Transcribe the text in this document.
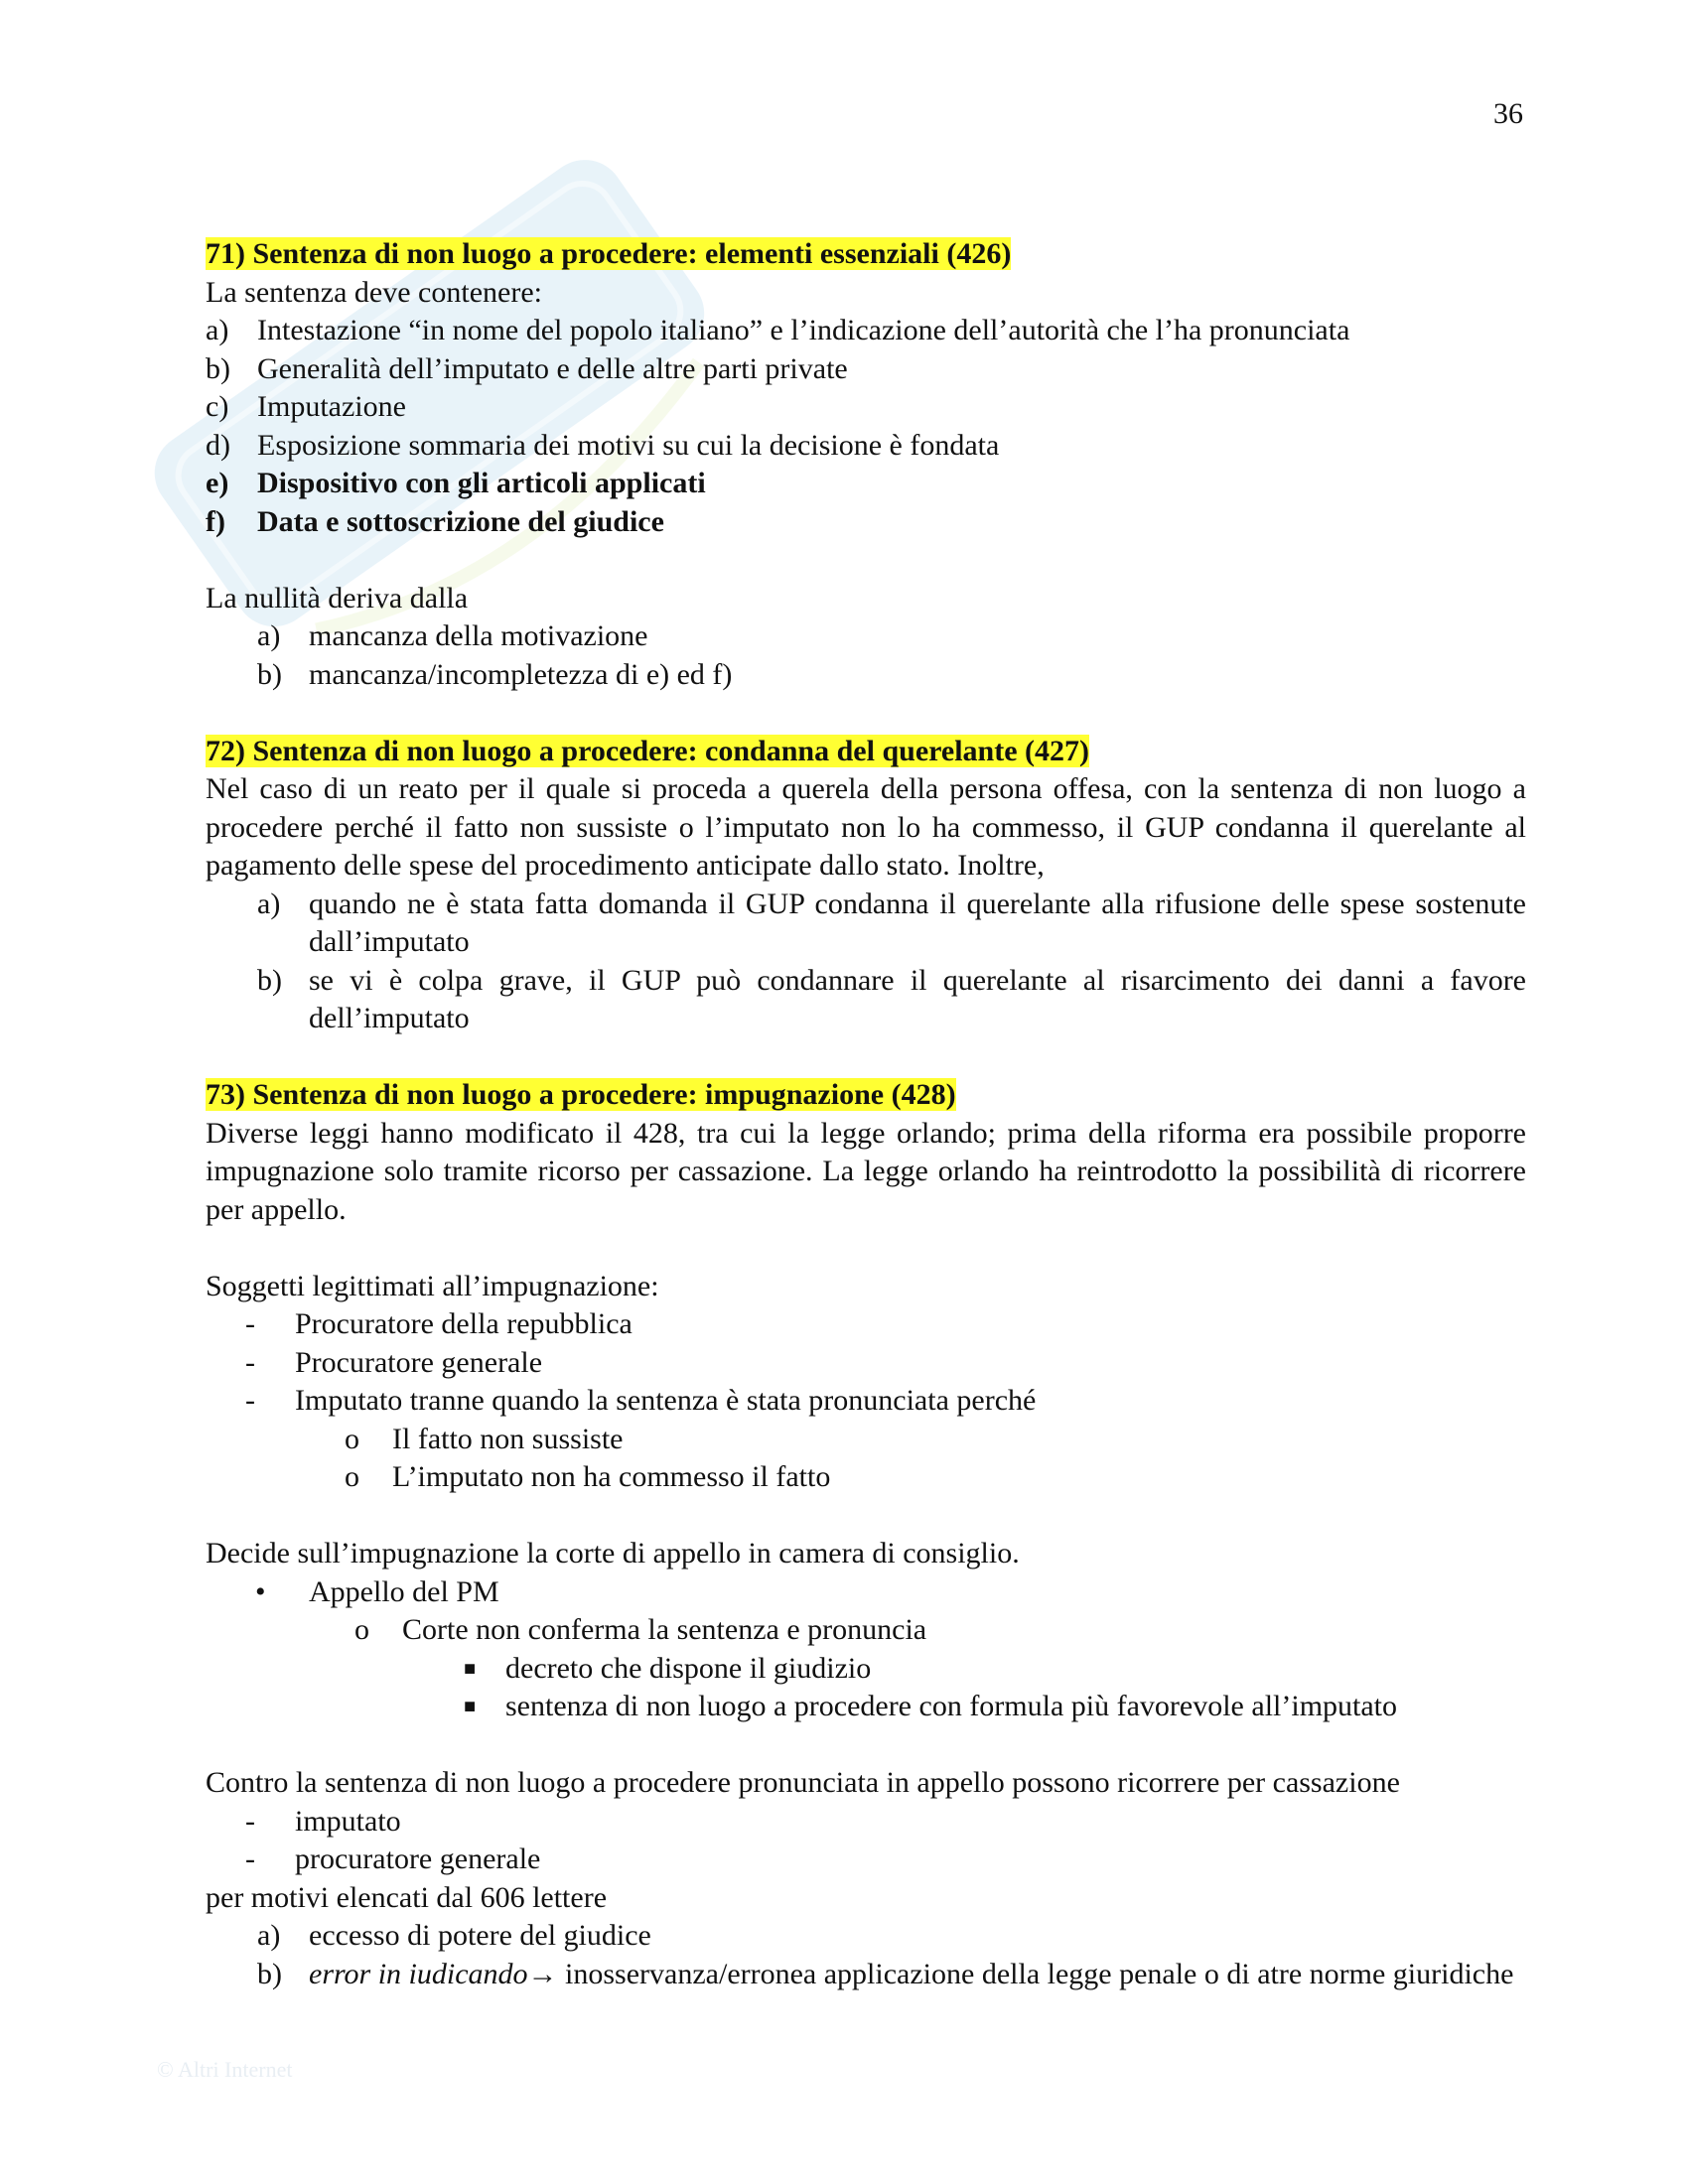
36
71) Sentenza di non luogo a procedere: elementi essenziali (426)
La sentenza deve contenere:
a) Intestazione “in nome del popolo italiano” e l’indicazione dell’autorità che l’ha pronunciata
b) Generalità dell’imputato e delle altre parti private
c) Imputazione
d) Esposizione sommaria dei motivi su cui la decisione è fondata
e) Dispositivo con gli articoli applicati
f)	Data e sottoscrizione del giudice
La nullità deriva dalla
a) mancanza della motivazione
b) mancanza/incompletezza di e) ed f)
72) Sentenza di non luogo a procedere: condanna del querelante (427)
Nel caso di un reato per il quale si proceda a querela della persona offesa, con la sentenza di non luogo a procedere perché il fatto non sussiste o l’imputato non lo ha commesso, il GUP condanna il querelante al pagamento delle spese del procedimento anticipate dallo stato. Inoltre,
a) quando ne è stata fatta domanda il GUP condanna il querelante alla rifusione delle spese sostenute dall’imputato
b) se vi è colpa grave, il GUP può condannare il querelante al risarcimento dei danni a favore dell’imputato
73) Sentenza di non luogo a procedere: impugnazione (428)
Diverse leggi hanno modificato il 428, tra cui la legge orlando; prima della riforma era possibile proporre impugnazione solo tramite ricorso per cassazione. La legge orlando ha reintrodotto la possibilità di ricorrere per appello.
Soggetti legittimati all’impugnazione:
-	Procuratore della repubblica
-	Procuratore generale
-	Imputato tranne quando la sentenza è stata pronunciata perché
o	Il fatto non sussiste
o	L’imputato non ha commesso il fatto
Decide sull’impugnazione la corte di appello in camera di consiglio.
•	Appello del PM
o	Corte non conferma la sentenza e pronuncia
■ decreto che dispone il giudizio
■ sentenza di non luogo a procedere con formula più favorevole all’imputato
Contro la sentenza di non luogo a procedere pronunciata in appello possono ricorrere per cassazione
-	imputato
-	procuratore generale
per motivi elencati dal 606 lettere
a) eccesso di potere del giudice
b) error in iudicando→ inosservanza/erronea applicazione della legge penale o di atre norme giuridiche
© Altri Internet
